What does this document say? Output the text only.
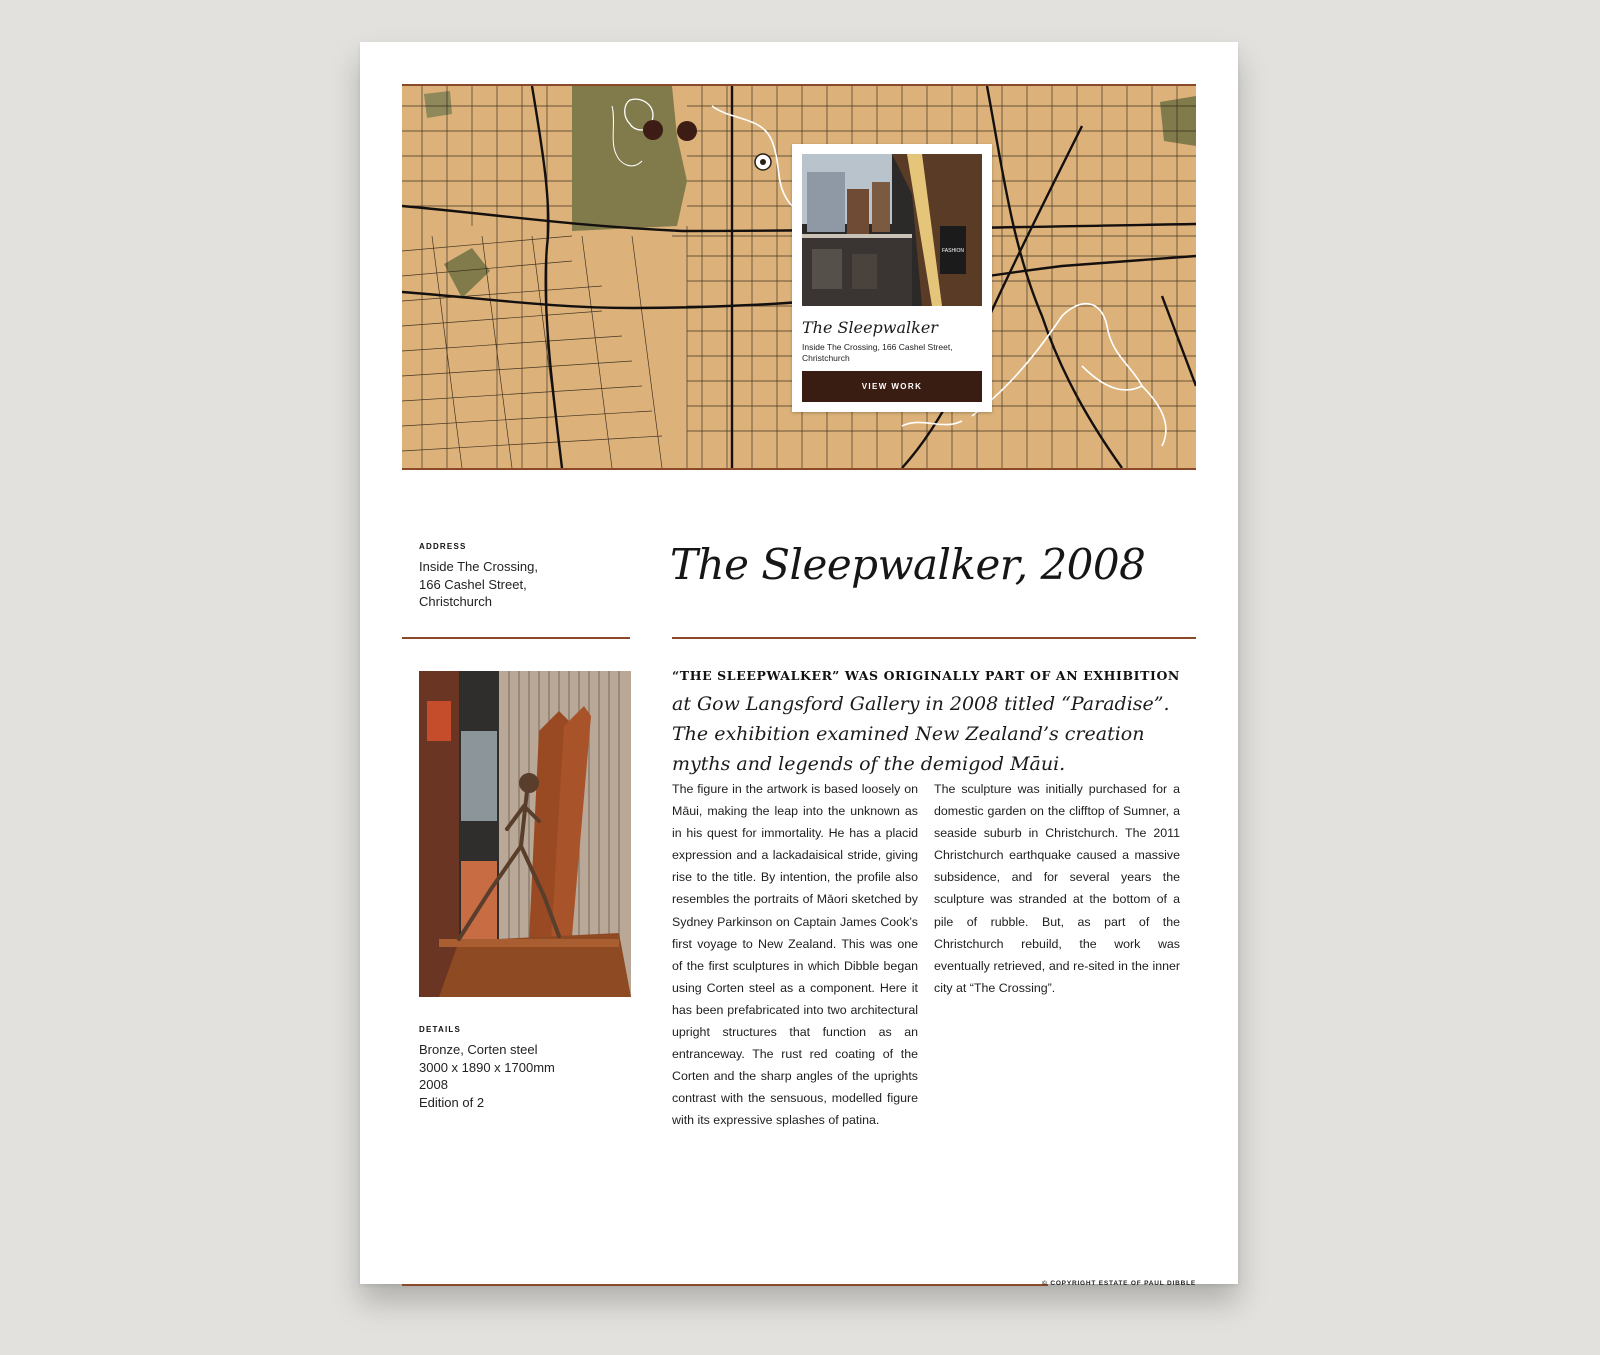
FASHION
The Sleepwalker
Inside The Crossing, 166 Cashel Street, Christchurch
VIEW WORK
ADDRESS
Inside The Crossing,
166 Cashel Street,
Christchurch
The Sleepwalker, 2008
DETAILS
Bronze, Corten steel
3000 x 1890 x 1700mm
2008
Edition of 2
“THE SLEEPWALKER” WAS ORIGINALLY PART OF AN EXHIBITION
at Gow Langsford Gallery in 2008 titled “Paradise”. The exhibition examined New Zealand’s creation myths and legends of the demigod Māui.
The figure in the artwork is based loosely on Māui, making the leap into the unknown as in his quest for immortality. He has a placid expression and a lackadaisical stride, giving rise to the title. By intention, the profile also resembles the portraits of Māori sketched by Sydney Parkinson on Captain James Cook’s first voyage to New Zealand. This was one of the first sculptures in which Dibble began using Corten steel as a component. Here it has been prefabricated into two architectural upright structures that function as an entranceway. The rust red coating of the Corten and the sharp angles of the uprights contrast with the sensuous, modelled figure with its expressive splashes of patina.
The sculpture was initially purchased for a domestic garden on the clifftop of Sumner, a seaside suburb in Christchurch. The 2011 Christchurch earthquake caused a massive subsidence, and for several years the sculpture was stranded at the bottom of a pile of rubble. But, as part of the Christchurch rebuild, the work was eventually retrieved, and re-sited in the inner city at “The Crossing”.
© COPYRIGHT ESTATE OF PAUL DIBBLE
